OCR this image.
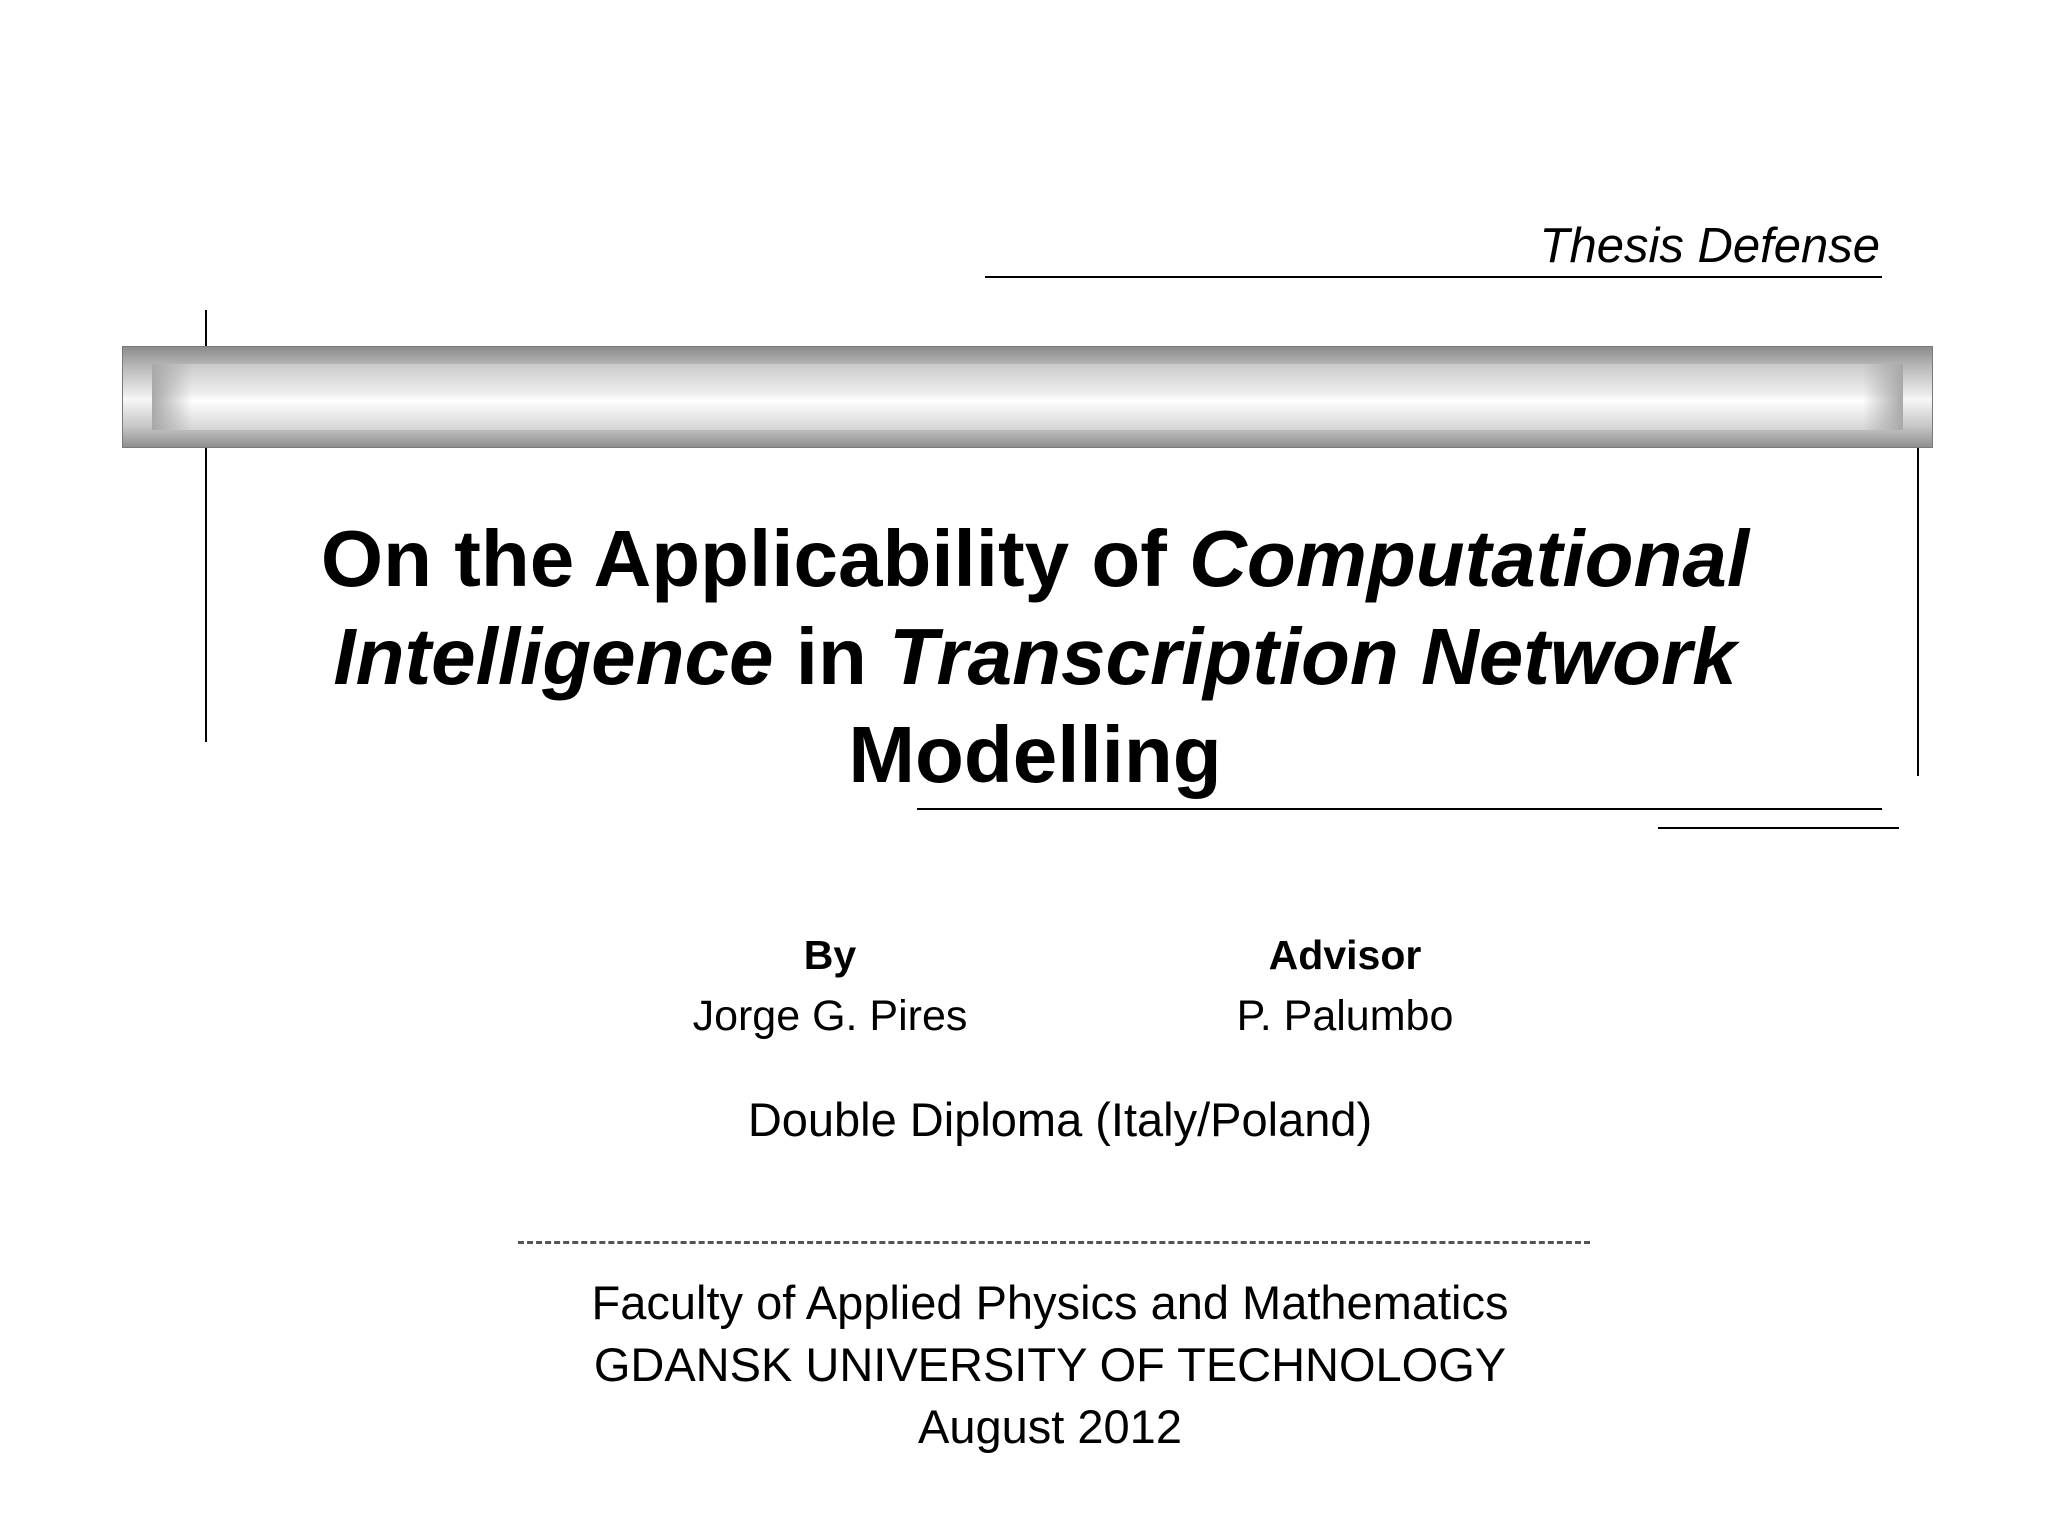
Thesis Defense
On the Applicability of Computational
Intelligence in Transcription Network
Modelling
By
Jorge G. Pires
Advisor
P. Palumbo
Double Diploma (Italy/Poland)
Faculty of Applied Physics and Mathematics
GDANSK UNIVERSITY OF TECHNOLOGY
August 2012
